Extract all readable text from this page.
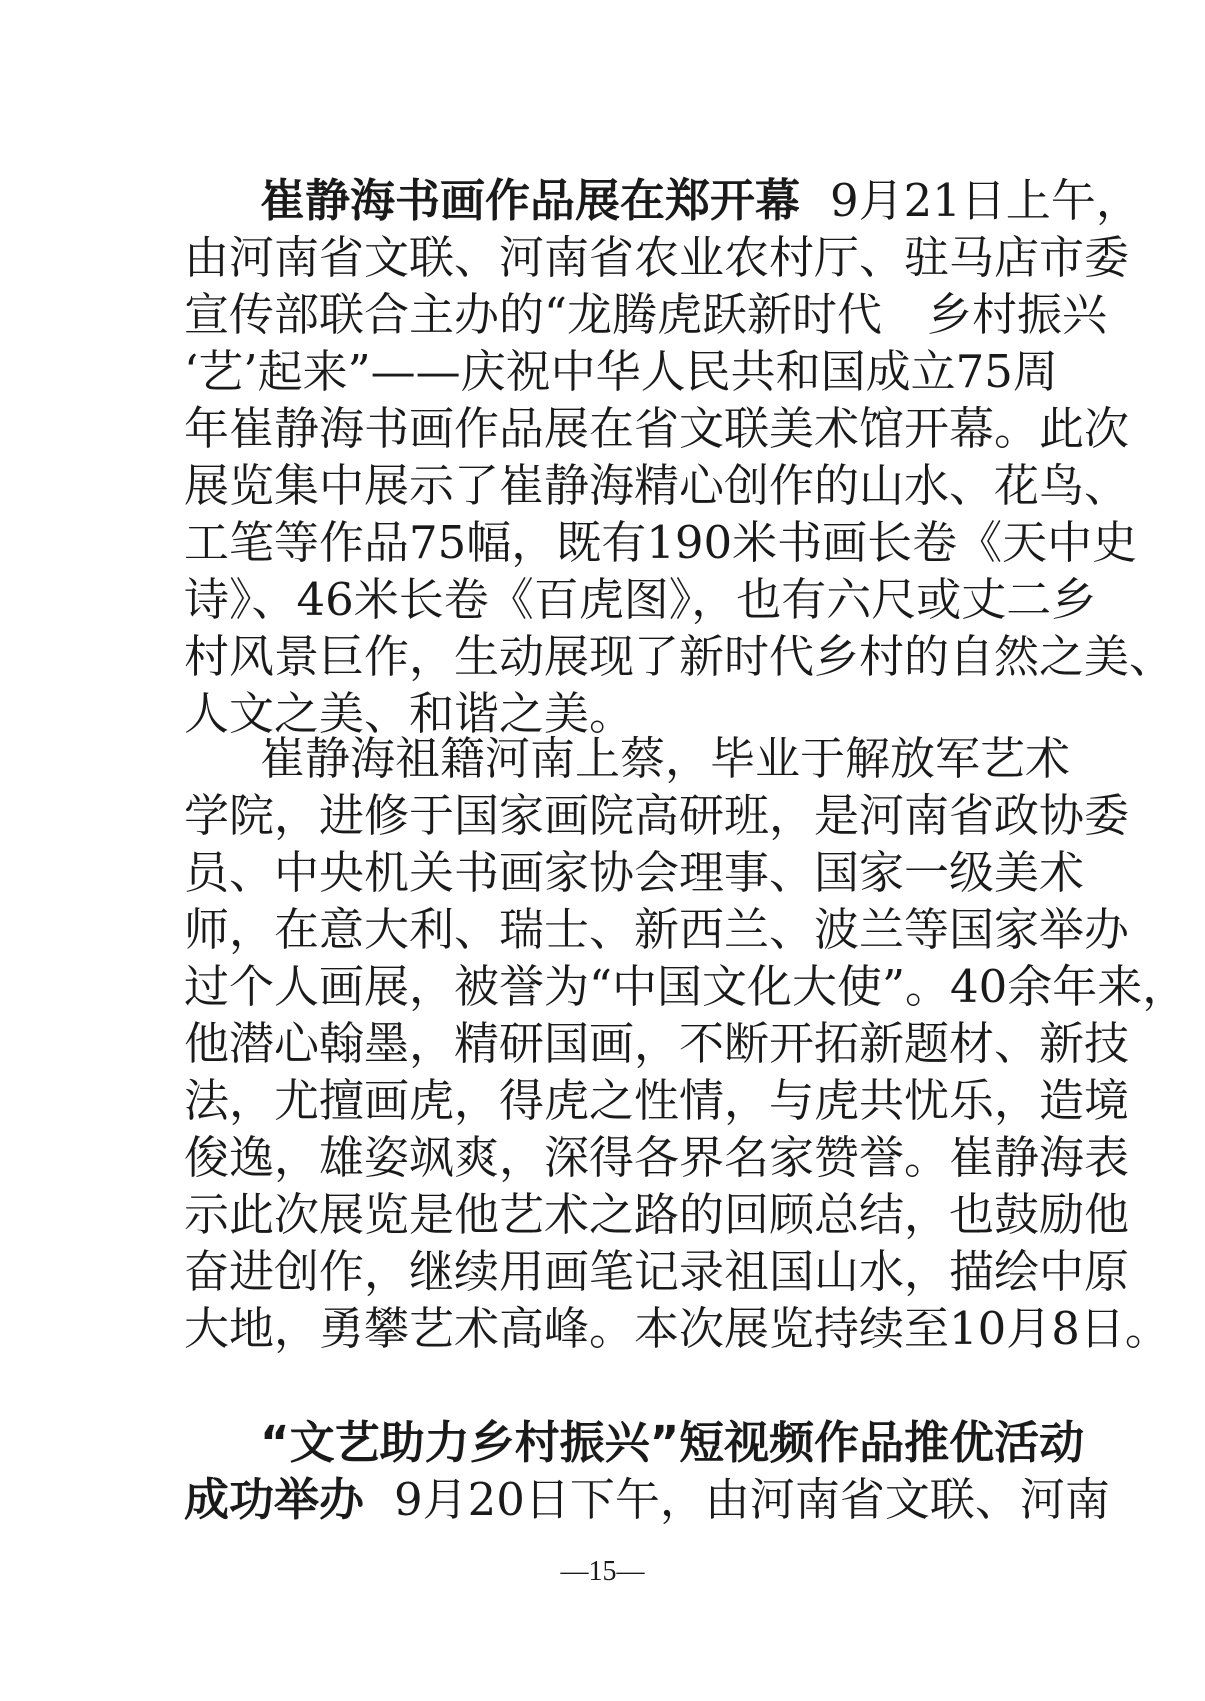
崔静海书画作品展在郑开幕 9月21日上午，
由河南省文联、河南省农业农村厅、驻马店市委
宣传部联合主办的“龙腾虎跃新时代　乡村振兴
‘艺’起来”——庆祝中华人民共和国成立75周
年崔静海书画作品展在省文联美术馆开幕。此次
展览集中展示了崔静海精心创作的山水、花鸟、
工笔等作品75幅，既有190米书画长卷《天中史
诗》、46米长卷《百虎图》，也有六尺或丈二乡
村风景巨作，生动展现了新时代乡村的自然之美、
人文之美、和谐之美。
崔静海祖籍河南上蔡，毕业于解放军艺术
学院，进修于国家画院高研班，是河南省政协委
员、中央机关书画家协会理事、国家一级美术
师，在意大利、瑞士、新西兰、波兰等国家举办
过个人画展，被誉为“中国文化大使”。40余年来，
他潜心翰墨，精研国画，不断开拓新题材、新技
法，尤擅画虎，得虎之性情，与虎共忧乐，造境
俊逸，雄姿飒爽，深得各界名家赞誉。崔静海表
示此次展览是他艺术之路的回顾总结，也鼓励他
奋进创作，继续用画笔记录祖国山水，描绘中原
大地，勇攀艺术高峰。本次展览持续至10月8日。
“文艺助力乡村振兴”短视频作品推优活动
成功举办 9月20日下午，由河南省文联、河南
—15—
